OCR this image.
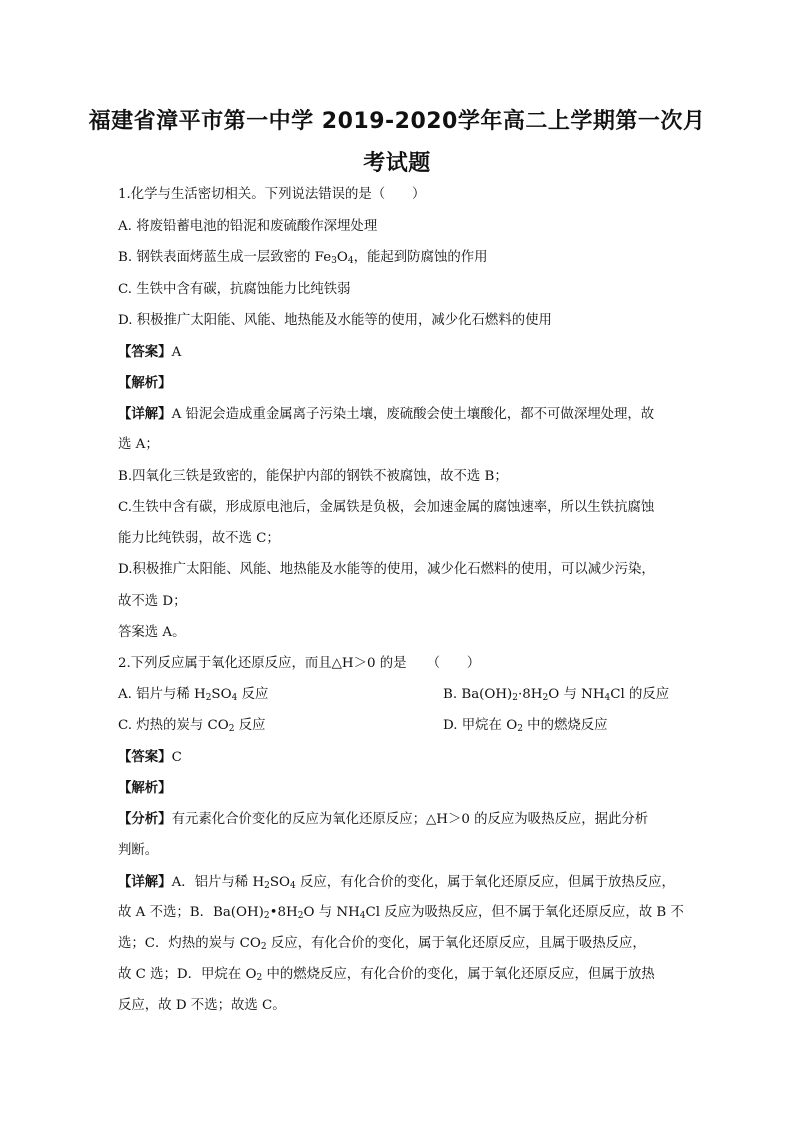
福建省漳平市第一中学 2019-2020学年高二上学期第一次月
考试题
1.化学与生活密切相关。下列说法错误的是（　　）
A. 将废铅蓄电池的铅泥和废硫酸作深埋处理
B. 钢铁表面烤蓝生成一层致密的 $Fe_3O_4$，能起到防腐蚀的作用
C. 生铁中含有碳，抗腐蚀能力比纯铁弱
D. 积极推广太阳能、风能、地热能及水能等的使用，减少化石燃料的使用
【答案】A
【解析】
【详解】A 铅泥会造成重金属离子污染土壤，废硫酸会使土壤酸化，都不可做深埋处理，故
选 A；
B.四氧化三铁是致密的，能保护内部的钢铁不被腐蚀，故不选 B；
C.生铁中含有碳，形成原电池后，金属铁是负极，会加速金属的腐蚀速率，所以生铁抗腐蚀
能力比纯铁弱，故不选 C；
D.积极推广太阳能、风能、地热能及水能等的使用，减少化石燃料的使用，可以减少污染，
故不选 D；
答案选 A。
2.下列反应属于氧化还原反应，而且△H＞0 的是　　（　　）
A. 铝片与稀 $H_2SO_4$ 反应	B. $Ba(OH)_2\cdot 8H_2O$ 与 $NH_4Cl$ 的反应
C. 灼热的炭与 $CO_2$ 反应	D. 甲烷在 $O_2$ 中的燃烧反应
【答案】C
【解析】
【分析】有元素化合价变化的反应为氧化还原反应；△H＞0 的反应为吸热反应，据此分析
判断。
【详解】A．铝片与稀 $H_2SO_4$ 反应，有化合价的变化，属于氧化还原反应，但属于放热反应，
故 A 不选；B．$Ba(OH)_2•8H_2O$ 与 $NH_4Cl$ 反应为吸热反应，但不属于氧化还原反应，故 B 不
选；C．灼热的炭与 $CO_2$ 反应，有化合价的变化，属于氧化还原反应，且属于吸热反应，
故 C 选；D．甲烷在 $O_2$ 中的燃烧反应，有化合价的变化，属于氧化还原反应，但属于放热
反应，故 D 不选；故选 C。
